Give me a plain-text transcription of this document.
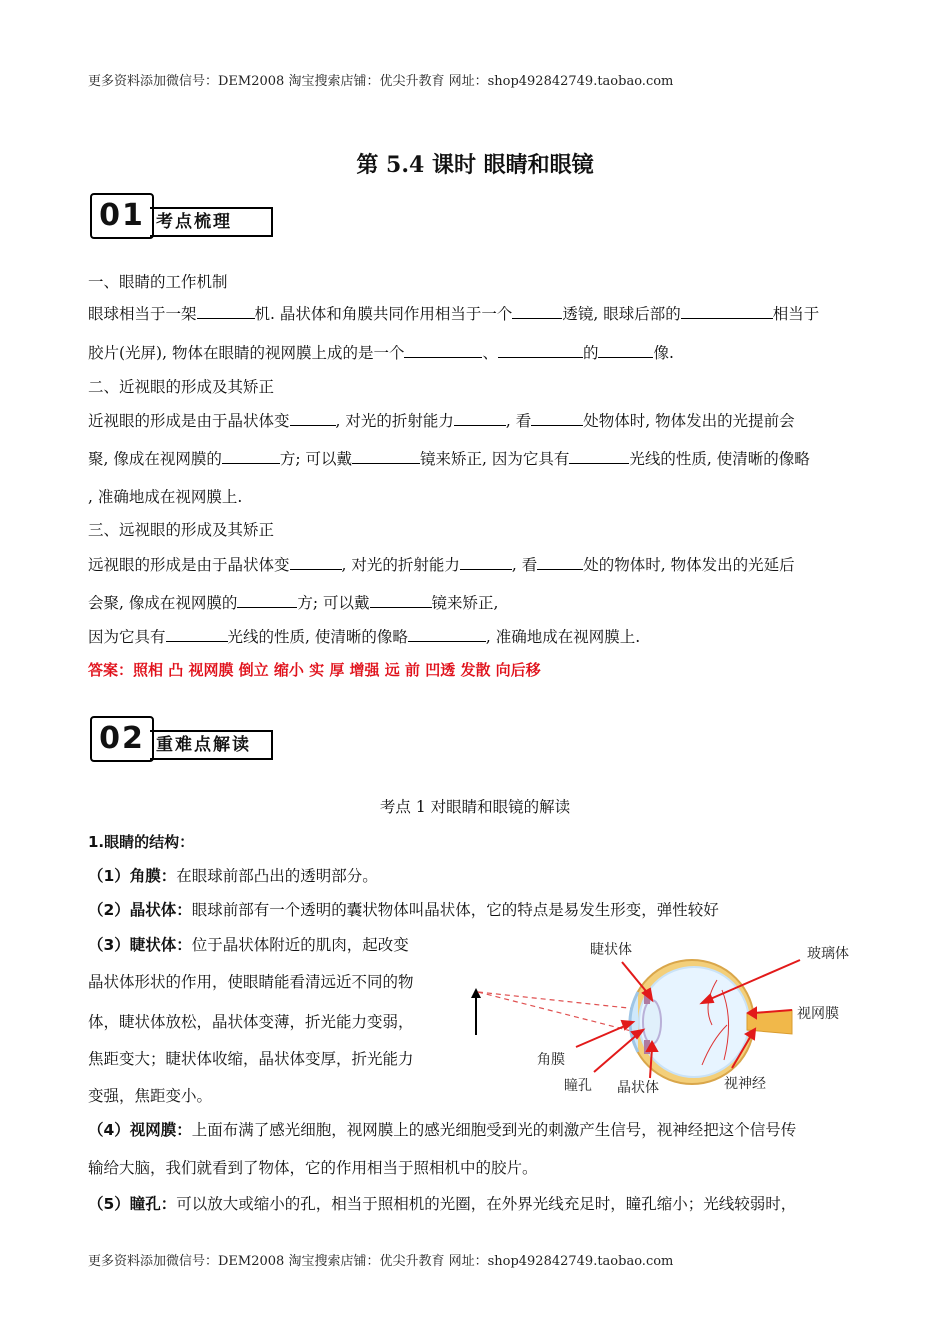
更多资料添加微信号：DEM2008 淘宝搜索店铺：优尖升教育 网址：shop492842749.taobao.com
第 5.4 课时 眼睛和眼镜
01 考点梳理
一、眼睛的工作机制
眼球相当于一架	机. 晶状体和角膜共同作用相当于一个	透镜, 眼球后部的	相当于
胶片(光屏), 物体在眼睛的视网膜上成的是一个	、	的	像.
二、近视眼的形成及其矫正
近视眼的形成是由于晶状体变	, 对光的折射能力	, 看	处物体时, 物体发出的光提前会
聚, 像成在视网膜的	方; 可以戴	镜来矫正, 因为它具有	光线的性质, 使清晰的像略
, 准确地成在视网膜上.
三、远视眼的形成及其矫正
远视眼的形成是由于晶状体变	, 对光的折射能力	, 看	处的物体时, 物体发出的光延后
会聚, 像成在视网膜的	方; 可以戴	镜来矫正,
因为它具有	光线的性质, 使清晰的像略	, 准确地成在视网膜上.
答案：照相 凸 视网膜 倒立 缩小 实 厚 增强 远 前 凹透 发散 向后移
02 重难点解读
考点 1 对眼睛和眼镜的解读
1.眼睛的结构：
（1）角膜：在眼球前部凸出的透明部分。
（2）晶状体：眼球前部有一个透明的囊状物体叫晶状体，它的特点是易发生形变，弹性较好
（3）睫状体：位于晶状体附近的肌肉，起改变
晶状体形状的作用，使眼睛能看清远近不同的物
体，睫状体放松，晶状体变薄，折光能力变弱，
焦距变大；睫状体收缩，晶状体变厚，折光能力
变强，焦距变小。
（4）视网膜：上面布满了感光细胞，视网膜上的感光细胞受到光的刺激产生信号，视神经把这个信号传
输给大脑，我们就看到了物体，它的作用相当于照相机中的胶片。
（5）瞳孔：可以放大或缩小的孔，相当于照相机的光圈，在外界光线充足时，瞳孔缩小；光线较弱时，
睫状体	玻璃体
视网膜
角膜
瞳孔 晶状体	视神经
更多资料添加微信号：DEM2008 淘宝搜索店铺：优尖升教育 网址：shop492842749.taobao.com
